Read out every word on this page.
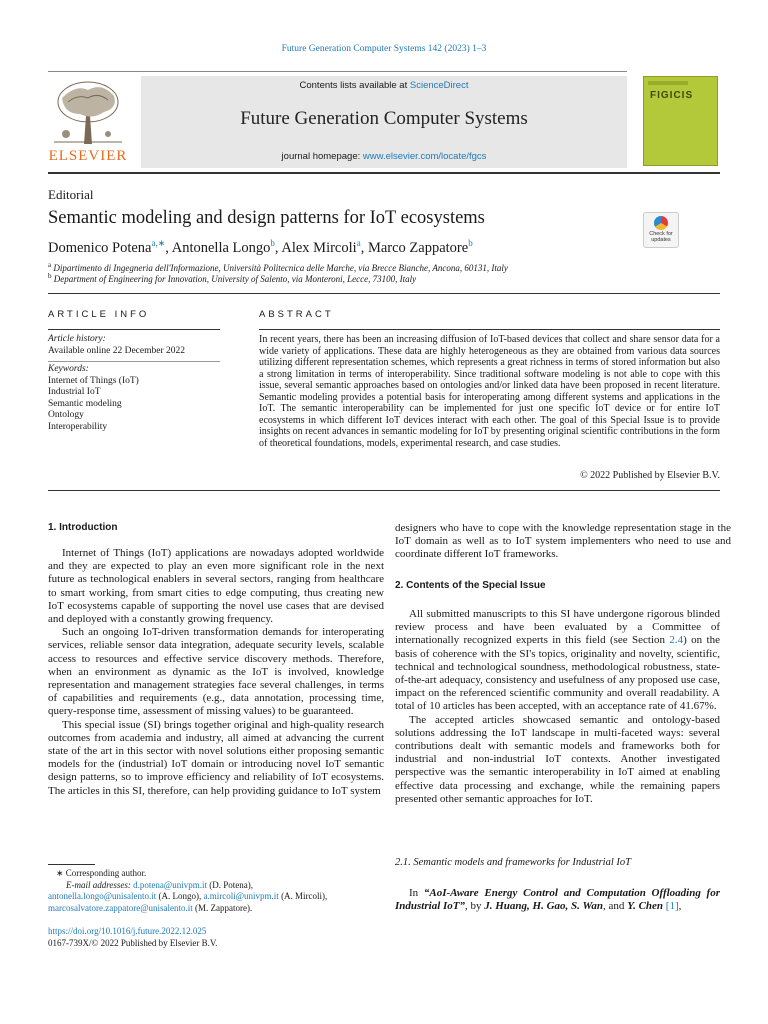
Future Generation Computer Systems 142 (2023) 1–3
ELSEVIER
Contents lists available at ScienceDirect
Future Generation Computer Systems
journal homepage: www.elsevier.com/locate/fgcs
FIGICIS
Editorial
Semantic modeling and design patterns for IoT ecosystems
Check for updates
Domenico Potena$^{a,∗}$, Antonella Longo$^b$, Alex Mircoli$^a$, Marco Zappatore$^b$
$^a$ Dipartimento di Ingegneria dell'Informazione, Università Politecnica delle Marche, via Brecce Bianche, Ancona, 60131, Italy
$^b$ Department of Engineering for Innovation, University of Salento, via Monteroni, Lecce, 73100, Italy
ARTICLE INFO
Article history:
Available online 22 December 2022
Keywords:
Internet of Things (IoT)
Industrial IoT
Semantic modeling
Ontology
Interoperability
ABSTRACT
In recent years, there has been an increasing diffusion of IoT-based devices that collect and share sensor data for a wide variety of applications. These data are highly heterogeneous as they are obtained from various data sources utilizing different representation schemes, which represents a great richness in terms of stored information but also a strong limitation in terms of interoperability. Since traditional software modeling is not able to cope with this issue, several semantic approaches based on ontologies and/or linked data have been proposed in recent literature. Semantic modeling provides a potential basis for interoperating among different systems and applications in the IoT. The semantic interoperability can be implemented for just one specific IoT device or for entire IoT ecosystems in which different IoT devices interact with each other. The goal of this Special Issue is to provide insights on recent advances in semantic modeling for IoT by presenting original scientific contributions in the form of theoretical foundations, models, experimental research, and case studies.
© 2022 Published by Elsevier B.V.
1. Introduction

Internet of Things (IoT) applications are nowadays adopted worldwide and they are expected to play an even more significant role in the next future as technological enablers in several sectors, ranging from healthcare to smart working, from smart cities to edge computing, thus creating new IoT ecosystems capable of supporting the novel use cases that are devised and deployed with a constantly growing frequency.

Such an ongoing IoT-driven transformation demands for interoperating services, reliable sensor data integration, adequate security levels, scalable access to resources and effective service discovery methods. Therefore, when an environment as dynamic as the IoT is involved, knowledge representation and management strategies face several challenges, in terms of capabilities and requirements (e.g., data annotation, processing time, query-response time, assessment of missing values) to be guaranteed.

This special issue (SI) brings together original and high-quality research outcomes from academia and industry, all aimed at advancing the current state of the art in this sector with novel solutions either proposing semantic models for the (industrial) IoT domain or introducing novel IoT semantic design patterns, so to improve efficiency and reliability of IoT ecosystems. The articles in this SI, therefore, can help providing guidance to IoT system

∗ Corresponding author.
E-mail addresses: d.potena@univpm.it (D. Potena),
antonella.longo@unisalento.it (A. Longo), a.mircoli@univpm.it (A. Mircoli),
marcosalvatore.zappatore@unisalento.it (M. Zappatore).
https://doi.org/10.1016/j.future.2022.12.025
0167-739X/© 2022 Published by Elsevier B.V.
designers who have to cope with the knowledge representation stage in the IoT domain as well as to IoT system implementers who need to use and coordinate different IoT frameworks.
2. Contents of the Special Issue

All submitted manuscripts to this SI have undergone rigorous blinded review process and have been evaluated by a Committee of internationally recognized experts in this field (see Section 2.4) on the basis of coherence with the SI's topics, originality and novelty, scientific, technical and technological soundness, methodological robustness, state-of-the-art adequacy, consistency and usefulness of any proposed use case, impact on the referenced scientific community and overall readability. A total of 10 articles has been accepted, with an acceptance rate of 41.67%.

The accepted articles showcased semantic and ontology-based solutions addressing the IoT landscape in multi-faceted ways: several contributions dealt with semantic models and frameworks both for industrial and non-industrial IoT contexts. Another investigated perspective was the semantic interoperability in IoT aimed at enabling effective data processing and exchange, while the remaining papers presented other semantic approaches for IoT.

2.1. Semantic models and frameworks for Industrial IoT

In “AoI-Aware Energy Control and Computation Offloading for Industrial IoT”, by J. Huang, H. Gao, S. Wan, and Y. Chen [1],
